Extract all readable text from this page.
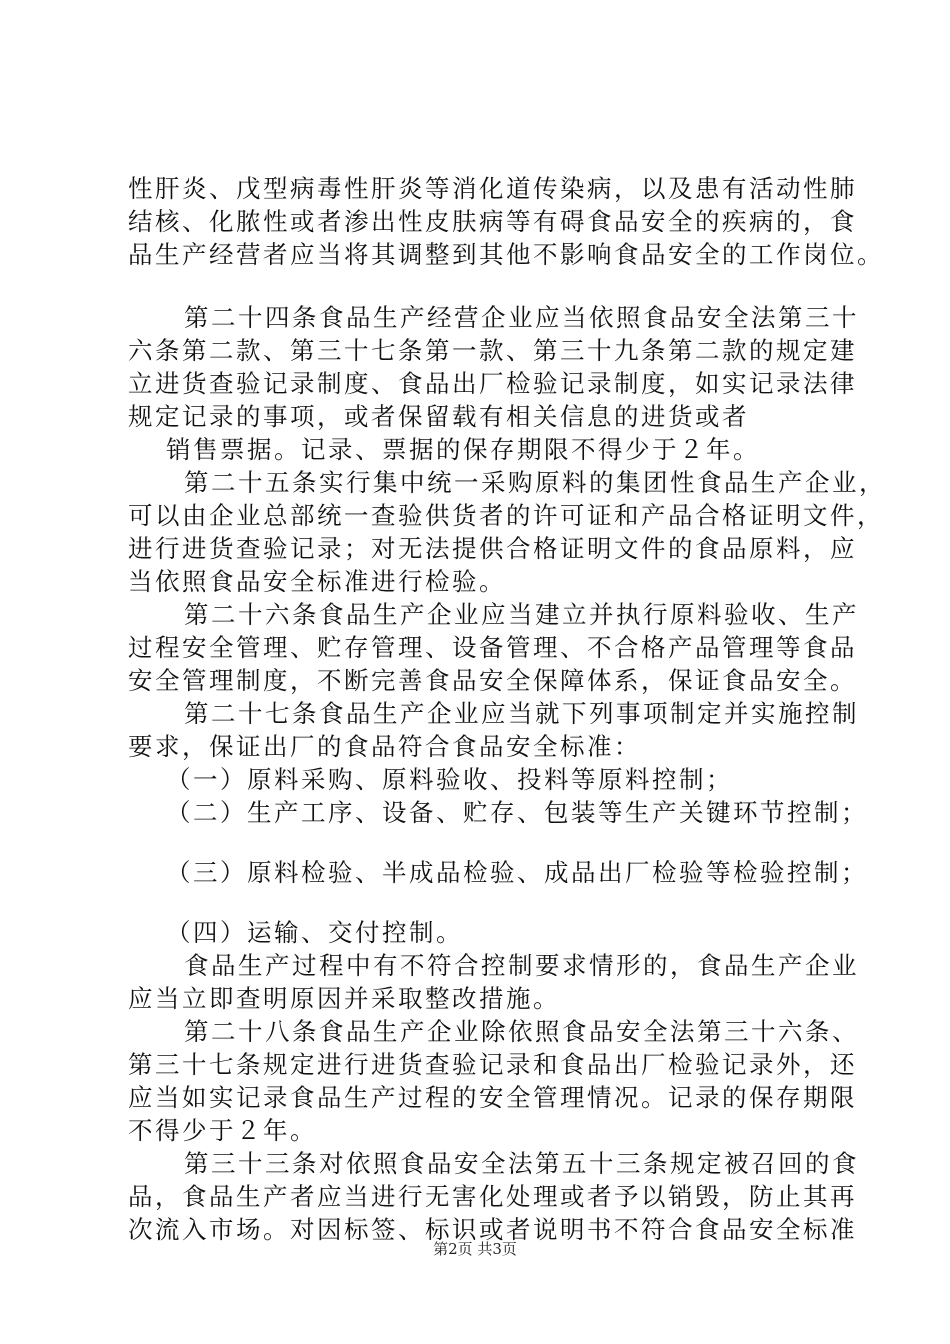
性肝炎、戊型病毒性肝炎等消化道传染病，以及患有活动性肺
结核、化脓性或者渗出性皮肤病等有碍食品安全的疾病的，食
品生产经营者应当将其调整到其他不影响食品安全的工作岗位。
第二十四条食品生产经营企业应当依照食品安全法第三十
六条第二款、第三十七条第一款、第三十九条第二款的规定建
立进货查验记录制度、食品出厂检验记录制度，如实记录法律
规定记录的事项，或者保留载有相关信息的进货或者
销售票据。记录、票据的保存期限不得少于２年。
第二十五条实行集中统一采购原料的集团性食品生产企业，
可以由企业总部统一查验供货者的许可证和产品合格证明文件，
进行进货查验记录；对无法提供合格证明文件的食品原料，应
当依照食品安全标准进行检验。
第二十六条食品生产企业应当建立并执行原料验收、生产
过程安全管理、贮存管理、设备管理、不合格产品管理等食品
安全管理制度，不断完善食品安全保障体系，保证食品安全。
第二十七条食品生产企业应当就下列事项制定并实施控制
要求，保证出厂的食品符合食品安全标准：
（一）原料采购、原料验收、投料等原料控制；
（二）生产工序、设备、贮存、包装等生产关键环节控制；
（三）原料检验、半成品检验、成品出厂检验等检验控制；
（四）运输、交付控制。
食品生产过程中有不符合控制要求情形的，食品生产企业
应当立即查明原因并采取整改措施。
第二十八条食品生产企业除依照食品安全法第三十六条、
第三十七条规定进行进货查验记录和食品出厂检验记录外，还
应当如实记录食品生产过程的安全管理情况。记录的保存期限
不得少于２年。
第三十三条对依照食品安全法第五十三条规定被召回的食
品，食品生产者应当进行无害化处理或者予以销毁，防止其再
次流入市场。对因标签、标识或者说明书不符合食品安全标准
第2页 共3页
